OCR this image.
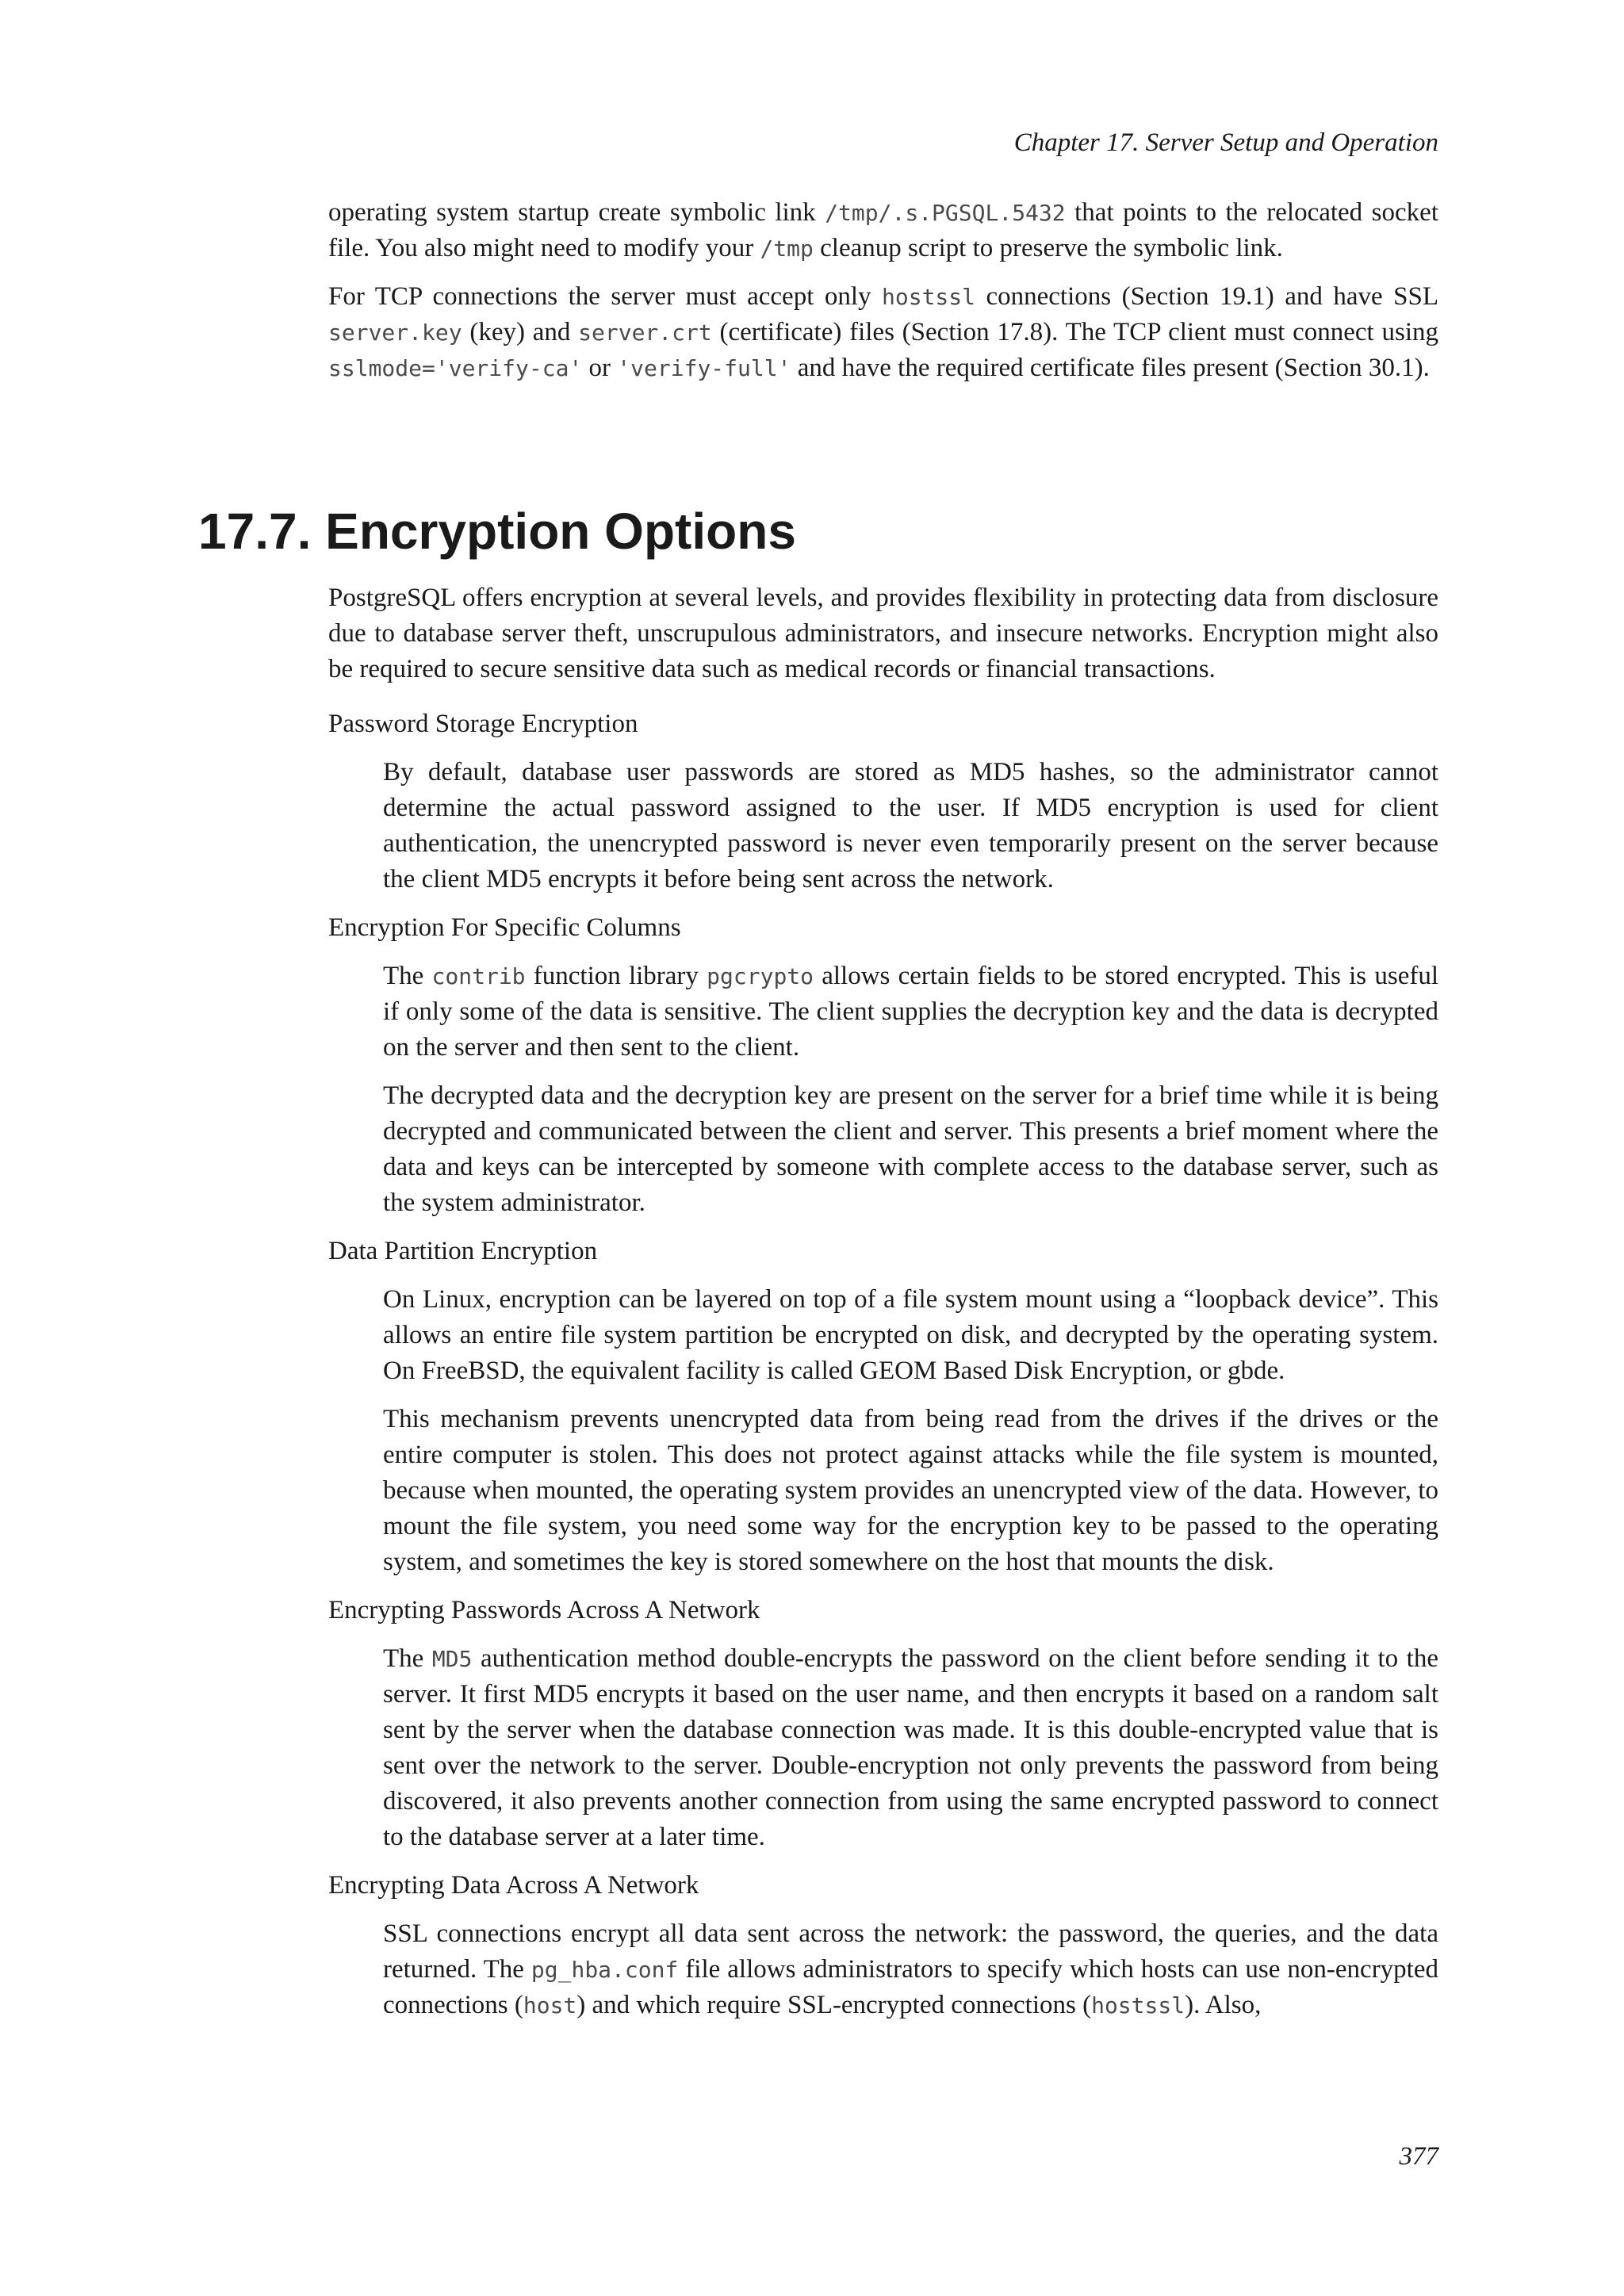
Chapter 17. Server Setup and Operation

operating system startup create symbolic link /tmp/.s.PGSQL.5432 that points to the relocated socket file. You also might need to modify your /tmp cleanup script to preserve the symbolic link.

For TCP connections the server must accept only hostssl connections (Section 19.1) and have SSL server.key (key) and server.crt (certificate) files (Section 17.8). The TCP client must connect using sslmode='verify-ca' or 'verify-full' and have the required certificate files present (Section 30.1).

17.7. Encryption Options

PostgreSQL offers encryption at several levels, and provides flexibility in protecting data from disclosure due to database server theft, unscrupulous administrators, and insecure networks. Encryption might also be required to secure sensitive data such as medical records or financial transactions.

Password Storage Encryption

By default, database user passwords are stored as MD5 hashes, so the administrator cannot determine the actual password assigned to the user. If MD5 encryption is used for client authentication, the unencrypted password is never even temporarily present on the server because the client MD5 encrypts it before being sent across the network.

Encryption For Specific Columns

The contrib function library pgcrypto allows certain fields to be stored encrypted. This is useful if only some of the data is sensitive. The client supplies the decryption key and the data is decrypted on the server and then sent to the client.

The decrypted data and the decryption key are present on the server for a brief time while it is being decrypted and communicated between the client and server. This presents a brief moment where the data and keys can be intercepted by someone with complete access to the database server, such as the system administrator.

Data Partition Encryption

On Linux, encryption can be layered on top of a file system mount using a “loopback device”. This allows an entire file system partition be encrypted on disk, and decrypted by the operating system. On FreeBSD, the equivalent facility is called GEOM Based Disk Encryption, or gbde.

This mechanism prevents unencrypted data from being read from the drives if the drives or the entire computer is stolen. This does not protect against attacks while the file system is mounted, because when mounted, the operating system provides an unencrypted view of the data. However, to mount the file system, you need some way for the encryption key to be passed to the operating system, and sometimes the key is stored somewhere on the host that mounts the disk.

Encrypting Passwords Across A Network

The MD5 authentication method double-encrypts the password on the client before sending it to the server. It first MD5 encrypts it based on the user name, and then encrypts it based on a random salt sent by the server when the database connection was made. It is this double-encrypted value that is sent over the network to the server. Double-encryption not only prevents the password from being discovered, it also prevents another connection from using the same encrypted password to connect to the database server at a later time.

Encrypting Data Across A Network

SSL connections encrypt all data sent across the network: the password, the queries, and the data returned. The pg_hba.conf file allows administrators to specify which hosts can use non-encrypted connections (host) and which require SSL-encrypted connections (hostssl). Also,

377
